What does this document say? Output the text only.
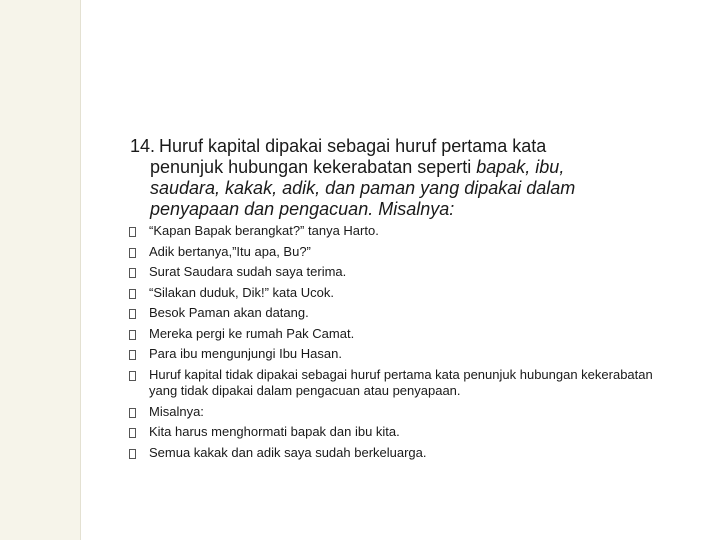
14. Huruf kapital dipakai sebagai huruf pertama kata
penunjuk hubungan kekerabatan seperti bapak, ibu,
saudara, kakak, adik, dan paman yang dipakai dalam
penyapaan dan pengacuan. Misalnya:
“Kapan Bapak berangkat?” tanya Harto.
Adik bertanya,”Itu apa, Bu?”
Surat Saudara sudah saya terima.
“Silakan duduk, Dik!” kata Ucok.
Besok Paman akan datang.
Mereka pergi ke rumah Pak Camat.
Para ibu mengunjungi Ibu Hasan.
Huruf kapital tidak dipakai sebagai huruf pertama kata penunjuk hubungan kekerabatan yang tidak dipakai dalam pengacuan atau penyapaan.
Misalnya:
Kita harus menghormati bapak dan ibu kita.
Semua kakak dan adik saya sudah berkeluarga.
